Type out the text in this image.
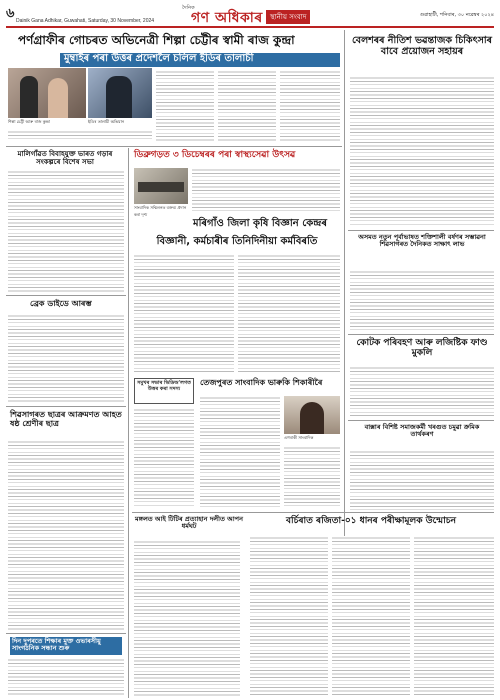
৬ Dainik Gana Adhikar, Guwahati, Saturday, 30 November, 2024
দৈনিক
গণ অধিকাৰ	স্থানীয় সংবাদ	গুৱাহাটী, শনিবাৰ, ৩০ নৱেম্বৰ ২০২৪
পৰ্ণগ্ৰাফীৰ গোচৰত অভিনেত্ৰী শিল্পা চেট্টীৰ স্বামী ৰাজ কুন্দ্ৰা
মুম্বাইৰ পৰা উত্তৰ প্ৰদেশলৈ চলিল ইডিৰ তালাচী
শিল্পা চেট্টী আৰু ৰাজ কুন্দ্ৰা	ইডিৰ তালাচী অভিযান
বেলশৰৰ নীতিশ ভৱন্তাজক চিকিৎসাৰ বাবে প্ৰয়োজন সহায়ৰ
মালিগাঁৱত বিবাহযুক্ত ভাৰত গড়াৰ সংকল্পৰে বিশেষ সভা
ব্ৰেক ডাইডে আৰম্ভ
শিৱসাগৰত ছাত্ৰৰ আক্ৰমণত আহত ষষ্ঠ শ্ৰেণীৰ ছাত্ৰ
দিন দুপৰতে শিক্ষাৰ মুক্ত ওভাৰসীয়ু সাংগঠনিক সন্ধান শুৰু
ডিব্ৰুগড়ত ৩ ডিচেম্বৰৰ পৰা স্বাস্থ্যসেৱা উৎসৱ
সাংবাদিক সন্মিলনত বক্তব্য প্ৰদান কৰা দৃশ্য
মৰিগাঁও জিলা কৃষি বিজ্ঞান কেন্দ্ৰৰ
বিজ্ঞানী, কৰ্মচাৰীৰ তিনিদিনীয়া কৰ্মবিৰতি
সমুখৰ সভাৰ ভিডিঅ'লগত উত্তৰ কৰা সদস্য
তেজপুৰত সাংবাদিক ভাৰুকি শিকাৰীৰৈ
এগৰাকী সাংবাদিক
মঙ্গলত আই টিটিৰ প্ৰত্যাহান দলীত আপন ধৰ্মঘট
অসমত নতুন পূৰ্বাভাষত শক্তিশালী বৰ্ষণৰ সম্ভাৱনা শিৱসাগৰত দৈনিকত সাক্ষাৎ লাভ
কোটক পৰিবহণ আৰু লজিষ্টিক ফাণ্ড মুকলি
বাক্সাৰ বিশিষ্ট সমাজকৰ্মী খৰগুত চমুৱা ক্ৰমিক তাৰ্থকৰণ
বৰ্চিৰাত ৰজিতা-০১ ধানৰ পৰীক্ষামূলক উন্মোচন
